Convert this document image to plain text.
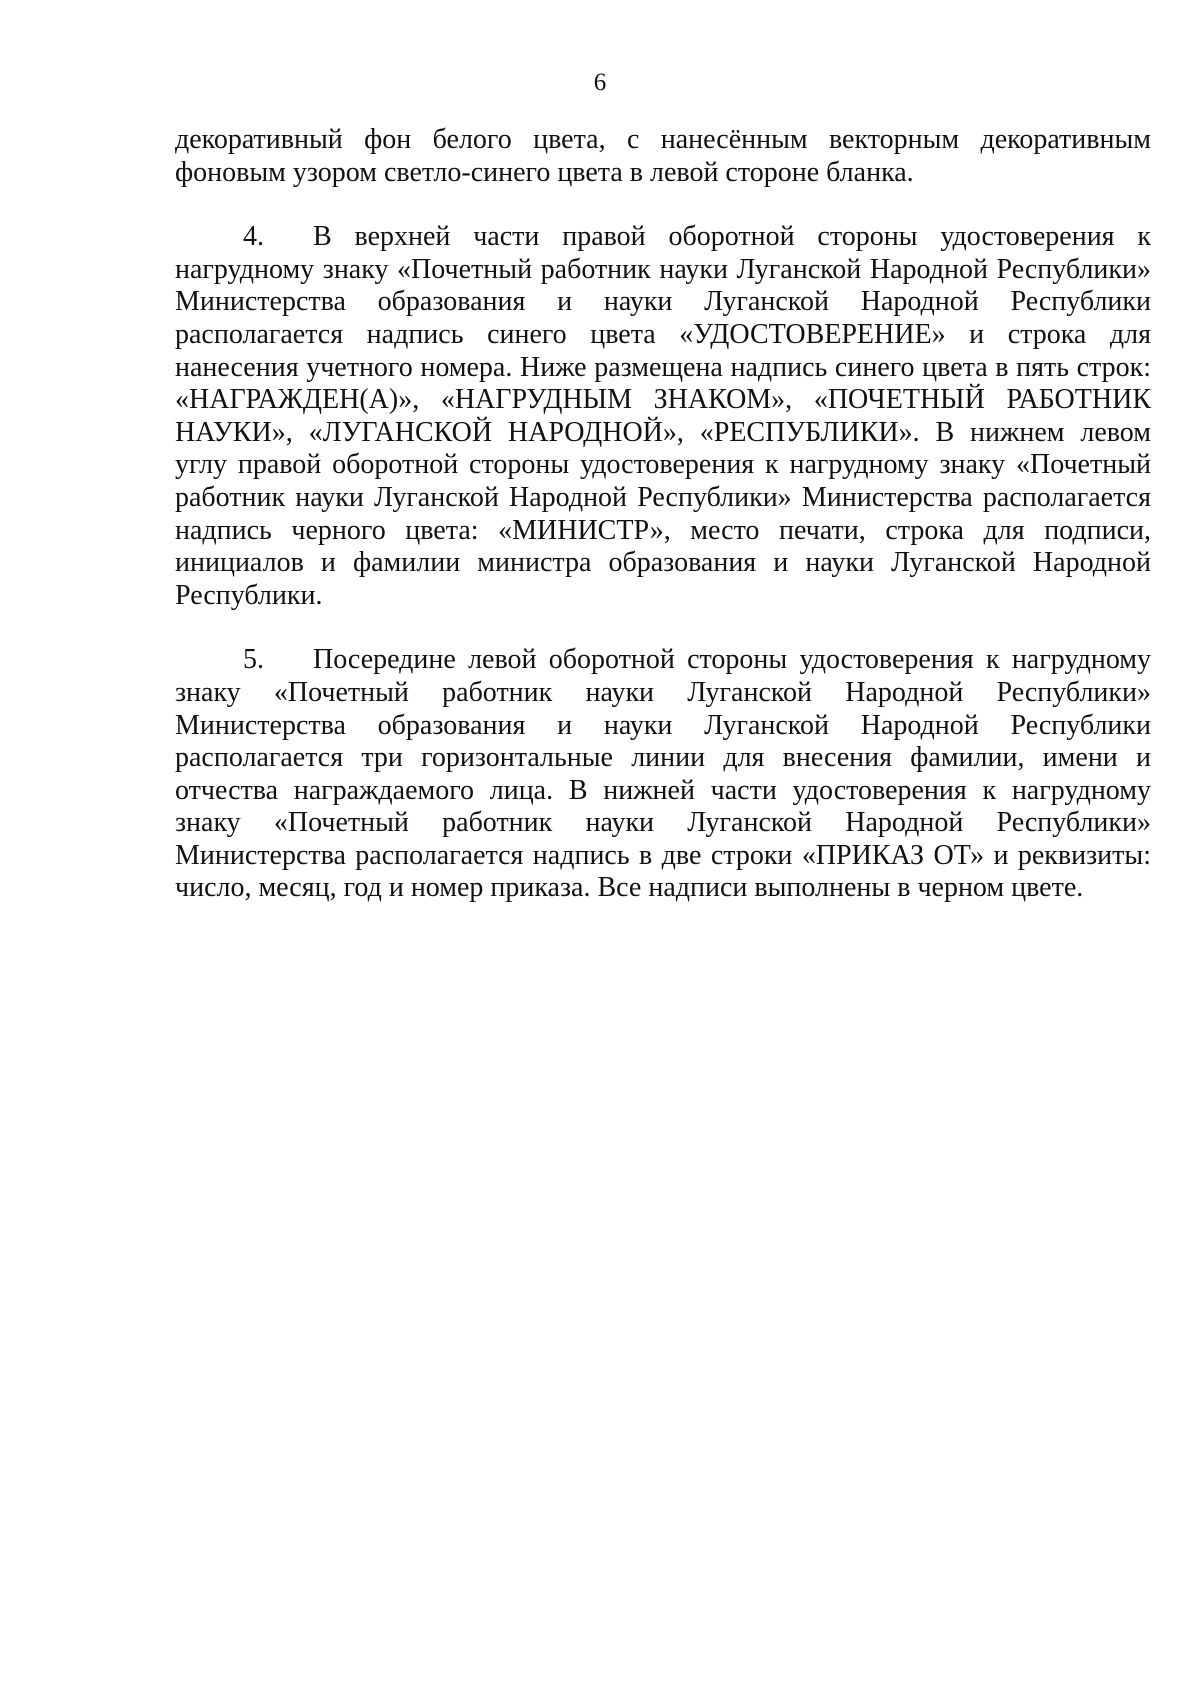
6

декоративный фон белого цвета, с нанесённым векторным декоративным фоновым узором светло-синего цвета в левой стороне бланка.

4. В верхней части правой оборотной стороны удостоверения к нагрудному знаку «Почетный работник науки Луганской Народной Республики» Министерства образования и науки Луганской Народной Республики располагается надпись синего цвета «УДОСТОВЕРЕНИЕ» и строка для нанесения учетного номера. Ниже размещена надпись синего цвета в пять строк: «НАГРАЖДЕН(А)», «НАГРУДНЫМ ЗНАКОМ», «ПОЧЕТНЫЙ РАБОТНИК НАУКИ», «ЛУГАНСКОЙ НАРОДНОЙ», «РЕСПУБЛИКИ». В нижнем левом углу правой оборотной стороны удостоверения к нагрудному знаку «Почетный работник науки Луганской Народной Республики» Министерства располагается надпись черного цвета: «МИНИСТР», место печати, строка для подписи, инициалов и фамилии министра образования и науки Луганской Народной Республики.

5. Посередине левой оборотной стороны удостоверения к нагрудному знаку «Почетный работник науки Луганской Народной Республики» Министерства образования и науки Луганской Народной Республики располагается три горизонтальные линии для внесения фамилии, имени и отчества награждаемого лица. В нижней части удостоверения к нагрудному знаку «Почетный работник науки Луганской Народной Республики» Министерства располагается надпись в две строки «ПРИКАЗ ОТ» и реквизиты: число, месяц, год и номер приказа. Все надписи выполнены в черном цвете.
